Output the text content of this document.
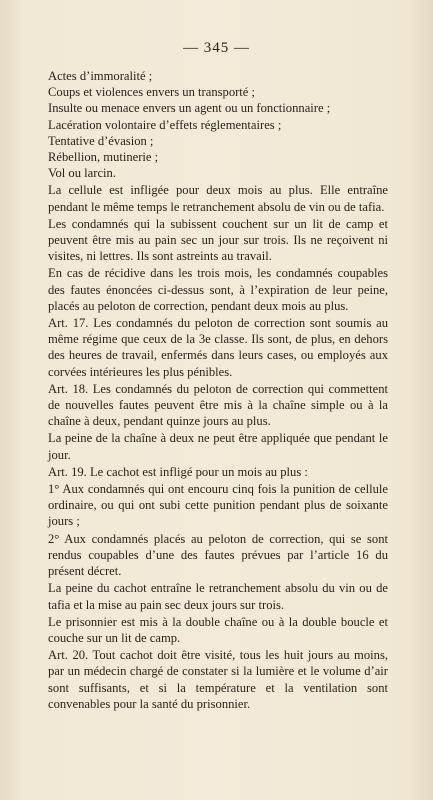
— 345 —
Actes d’immoralité ;
Coups et violences envers un transporté ;
Insulte ou menace envers un agent ou un fonctionnaire ;
Lacération volontaire d’effets réglementaires ;
Tentative d’évasion ;
Rébellion, mutinerie ;
Vol ou larcin.

La cellule est infligée pour deux mois au plus. Elle entraîne pendant le même temps le retranchement absolu de vin ou de tafia.

Les condamnés qui la subissent couchent sur un lit de camp et peuvent être mis au pain sec un jour sur trois. Ils ne reçoivent ni visites, ni lettres. Ils sont astreints au travail.

En cas de récidive dans les trois mois, les condamnés coupables des fautes énoncées ci-dessus sont, à l’expiration de leur peine, placés au peloton de correction, pendant deux mois au plus.

Art. 17. Les condamnés du peloton de correction sont soumis au même régime que ceux de la 3e classe. Ils sont, de plus, en dehors des heures de travail, enfermés dans leurs cases, ou employés aux corvées intérieures les plus pénibles.

Art. 18. Les condamnés du peloton de correction qui commettent de nouvelles fautes peuvent être mis à la chaîne simple ou à la chaîne à deux, pendant quinze jours au plus.

La peine de la chaîne à deux ne peut être appliquée que pendant le jour.

Art. 19. Le cachot est infligé pour un mois au plus :

1° Aux condamnés qui ont encouru cinq fois la punition de cellule ordinaire, ou qui ont subi cette punition pendant plus de soixante jours ;

2° Aux condamnés placés au peloton de correction, qui se sont rendus coupables d’une des fautes prévues par l’article 16 du présent décret.

La peine du cachot entraîne le retranchement absolu du vin ou de tafia et la mise au pain sec deux jours sur trois.

Le prisonnier est mis à la double chaîne ou à la double boucle et couche sur un lit de camp.

Art. 20. Tout cachot doit être visité, tous les huit jours au moins, par un médecin chargé de constater si la lumière et le volume d’air sont suffisants, et si la température et la ventilation sont convenables pour la santé du prisonnier.
